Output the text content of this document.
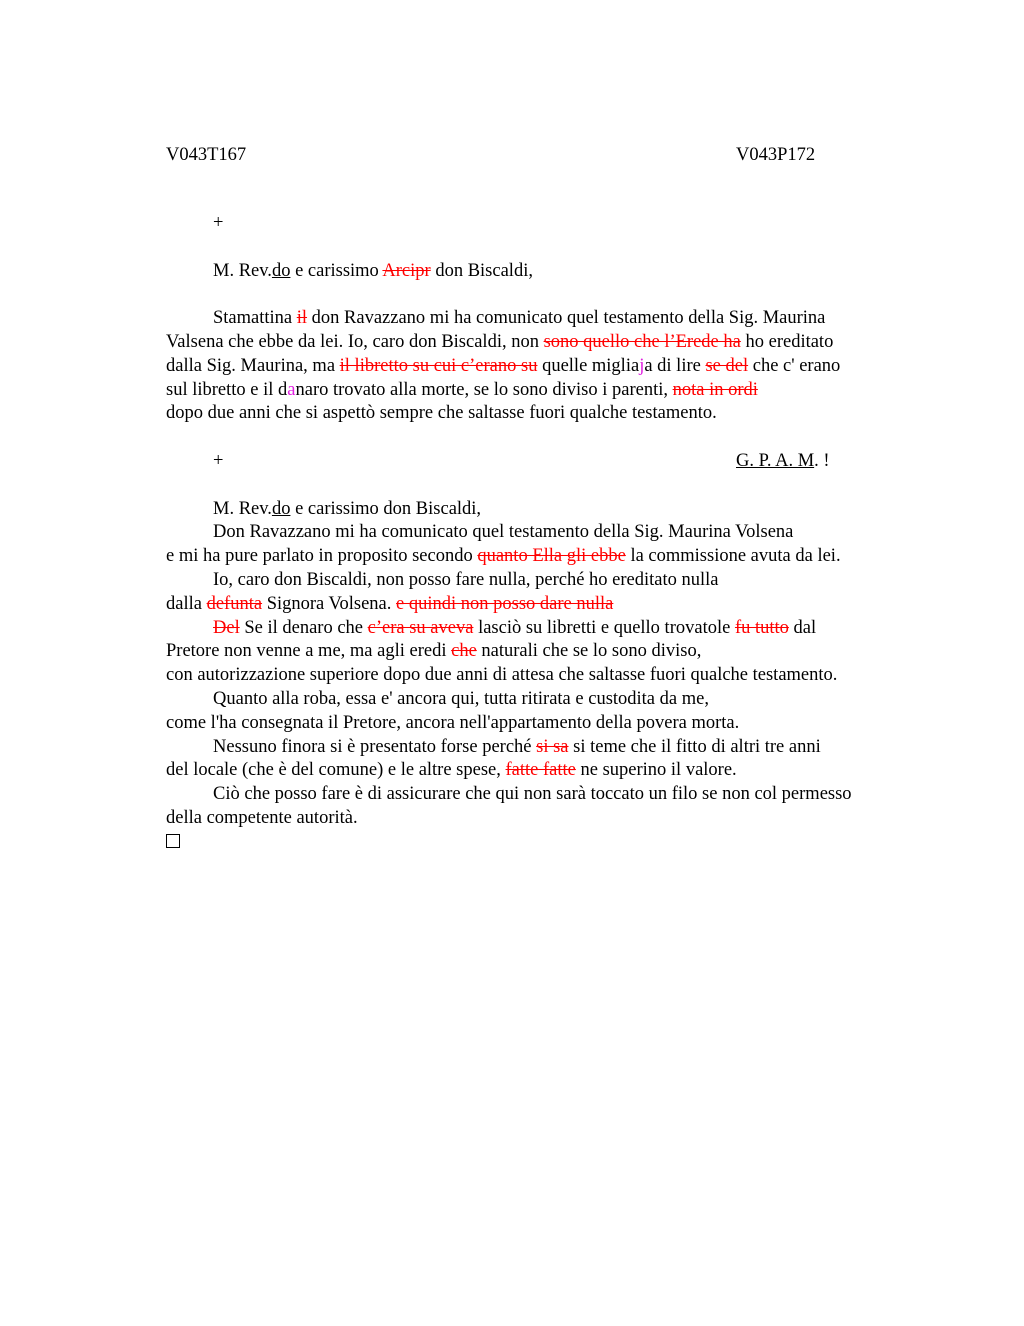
V043T167	V043P172
+
M. Rev.do e carissimo Arcipr don Biscaldi,
Stamattina il don Ravazzano mi ha comunicato quel testamento della Sig. Maurina
Valsena che ebbe da lei. Io, caro don Biscaldi, non sono quello che l’Erede ha ho ereditato
dalla Sig. Maurina, ma il libretto su cui c’erano su quelle migliaja di lire se del che c' erano
sul libretto e il danaro trovato alla morte, se lo sono diviso i parenti, nota in ordi
dopo due anni che si aspettò sempre che saltasse fuori qualche testamento.
+	G. P. A. M. !
M. Rev.do e carissimo don Biscaldi,
Don Ravazzano mi ha comunicato quel testamento della Sig. Maurina Volsena
e mi ha pure parlato in proposito secondo quanto Ella gli ebbe la commissione avuta da lei.
Io, caro don Biscaldi, non posso fare nulla, perché ho ereditato nulla
dalla defunta Signora Volsena. e quindi non posso dare nulla
Del Se il denaro che c’era su aveva lasciò su libretti e quello trovatole fu tutto dal
Pretore non venne a me, ma agli eredi che naturali che se lo sono diviso,
con autorizzazione superiore dopo due anni di attesa che saltasse fuori qualche testamento.
Quanto alla roba, essa e' ancora qui, tutta ritirata e custodita da me,
come l'ha consegnata il Pretore, ancora nell'appartamento della povera morta.
Nessuno finora si è presentato forse perché si sa si teme che il fitto di altri tre anni
del locale (che è del comune) e le altre spese, fatte fatte ne superino il valore.
Ciò che posso fare è di assicurare che qui non sarà toccato un filo se non col permesso
della competente autorità.
